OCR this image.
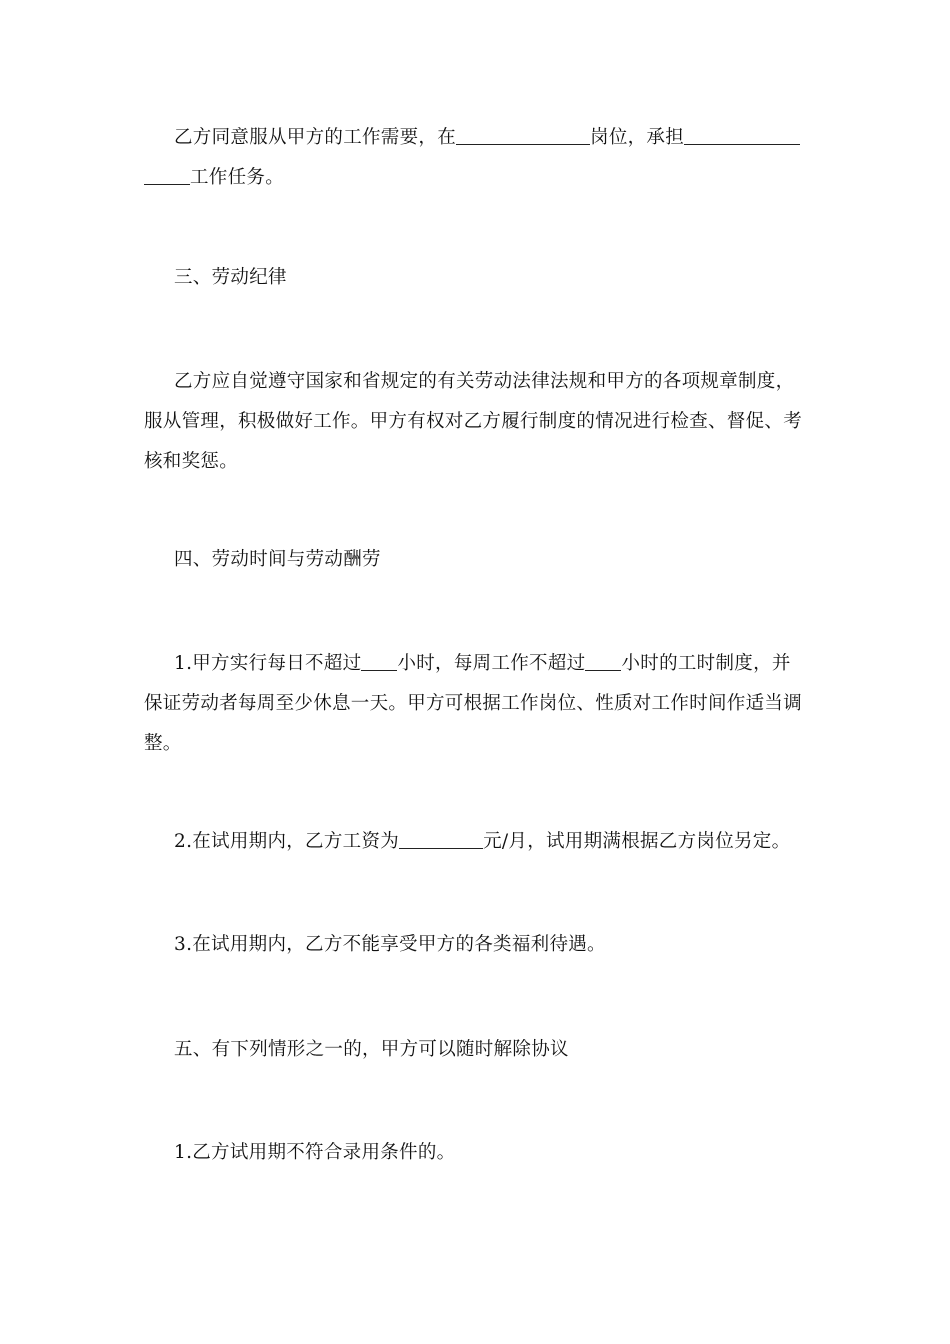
乙方同意服从甲方的工作需要，在	岗位，承担工作任务。

三、劳动纪律

乙方应自觉遵守国家和省规定的有关劳动法律法规和甲方的各项规章制度，服从管理，积极做好工作。甲方有权对乙方履行制度的情况进行检查、督促、考核和奖惩。

四、劳动时间与劳动酬劳

1.甲方实行每日不超过 小时，每周工作不超过 小时的工时制度，并保证劳动者每周至少休息一天。甲方可根据工作岗位、性质对工作时间作适当调整。

2.在试用期内，乙方工资为	元/月，试用期满根据乙方岗位另定。

3.在试用期内，乙方不能享受甲方的各类福利待遇。

五、有下列情形之一的，甲方可以随时解除协议

1.乙方试用期不符合录用条件的。
